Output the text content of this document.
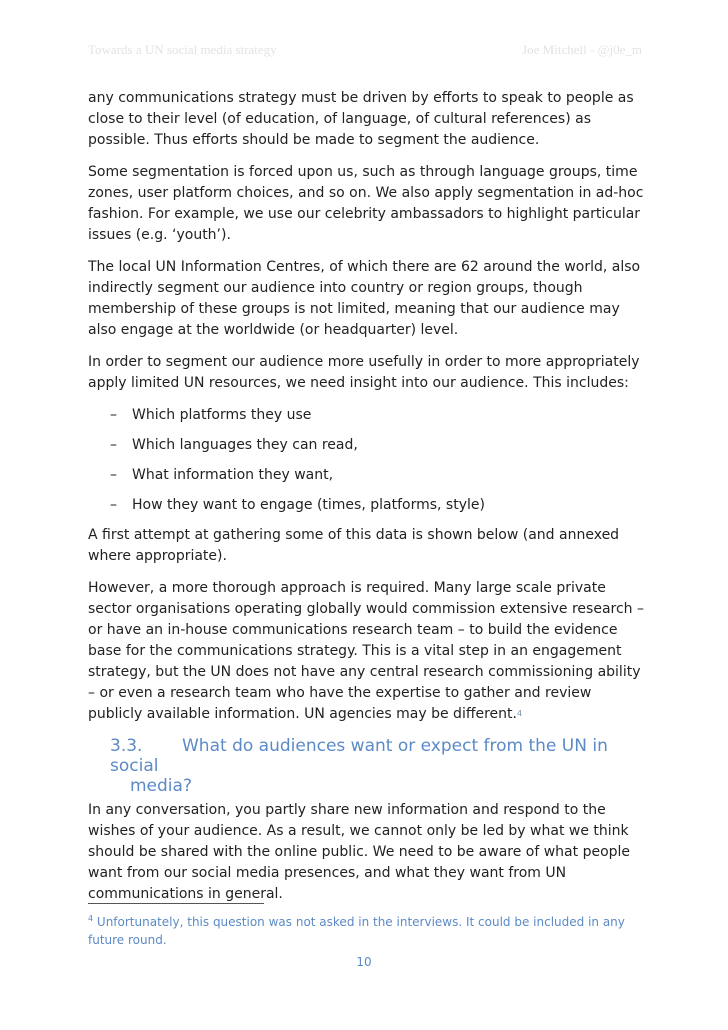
Towards a UN social media strategy	Joe Mitchell - @j0e_m

any communications strategy must be driven by efforts to speak to people as close to their level (of education, of language, of cultural references) as possible. Thus efforts should be made to segment the audience.

Some segmentation is forced upon us, such as through language groups, time zones, user platform choices, and so on. We also apply segmentation in ad-hoc fashion. For example, we use our celebrity ambassadors to highlight particular issues (e.g. ‘youth’).

The local UN Information Centres, of which there are 62 around the world, also indirectly segment our audience into country or region groups, though membership of these groups is not limited, meaning that our audience may also engage at the worldwide (or headquarter) level.

In order to segment our audience more usefully in order to more appropriately apply limited UN resources, we need insight into our audience. This includes:

– Which platforms they use
– Which languages they can read,
– What information they want,
– How they want to engage (times, platforms, style)

A first attempt at gathering some of this data is shown below (and annexed where appropriate).

However, a more thorough approach is required. Many large scale private sector organisations operating globally would commission extensive research – or have an in-house communications research team – to build the evidence base for the communications strategy. This is a vital step in an engagement strategy, but the UN does not have any central research commissioning ability – or even a research team who have the expertise to gather and review publicly available information. UN agencies may be different.$^4$

3.3. What do audiences want or expect from the UN in social
media?

In any conversation, you partly share new information and respond to the wishes of your audience. As a result, we cannot only be led by what we think should be shared with the online public. We need to be aware of what people want from our social media presences, and what they want from UN communications in general.

$^4$ Unfortunately, this question was not asked in the interviews. It could be included in any future round.
10
